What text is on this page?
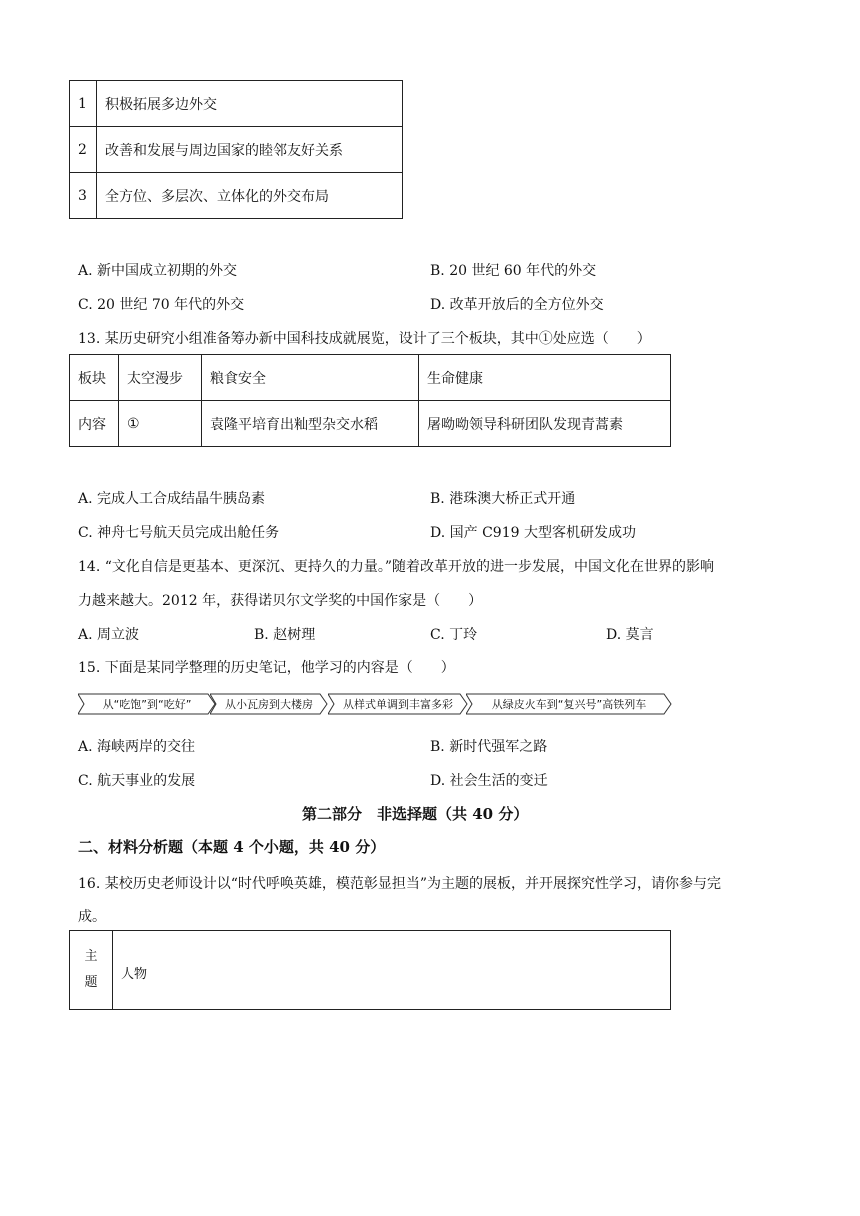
1	积极拓展多边外交
2	改善和发展与周边国家的睦邻友好关系
3	全方位、多层次、立体化的外交布局
A. 新中国成立初期的外交	B. 20 世纪 60 年代的外交
C. 20 世纪 70 年代的外交	D. 改革开放后的全方位外交
13. 某历史研究小组准备筹办新中国科技成就展览，设计了三个板块，其中①处应选（　　）
板块	太空漫步	粮食安全	生命健康
内容	①	袁隆平培育出籼型杂交水稻	屠呦呦领导科研团队发现青蒿素
A. 完成人工合成结晶牛胰岛素	B. 港珠澳大桥正式开通
C. 神舟七号航天员完成出舱任务	D. 国产 C919 大型客机研发成功
14. “文化自信是更基本、更深沉、更持久的力量。”随着改革开放的进一步发展，中国文化在世界的影响
力越来越大。2012 年，获得诺贝尔文学奖的中国作家是（　　）
A. 周立波	B. 赵树理	C. 丁玲	D. 莫言
15. 下面是某同学整理的历史笔记，他学习的内容是（　　）
从“吃饱”到“吃好”	从小瓦房到大楼房	从样式单调到丰富多彩	从绿皮火车到“复兴号”高铁列车
A. 海峡两岸的交往	B. 新时代强军之路
C. 航天事业的发展	D. 社会生活的变迁
第二部分　非选择题（共 40 分）
二、材料分析题（本题 4 个小题，共 40 分）
16. 某校历史老师设计以“时代呼唤英雄，模范彰显担当”为主题的展板，并开展探究性学习，请你参与完
成。
主
题
	人物
